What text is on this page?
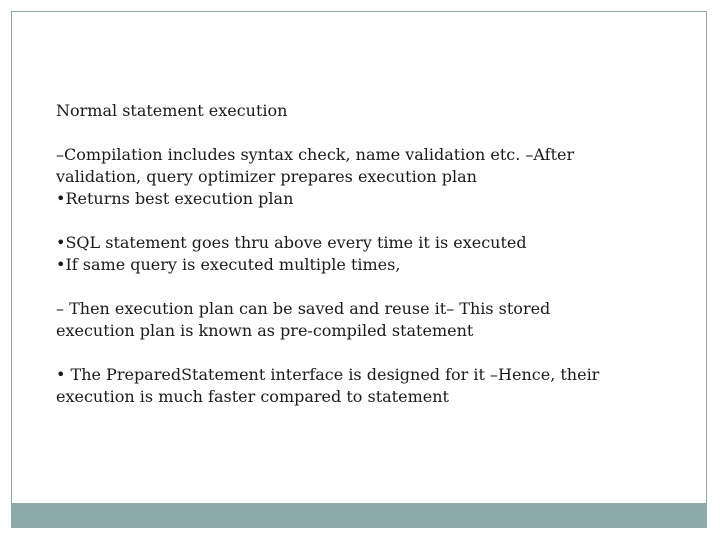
Normal statement execution

–Compilation includes syntax check, name validation etc. –After

validation, query optimizer prepares execution plan

•Returns best execution plan

•SQL statement goes thru above every time it is executed

•If same query is executed multiple times,

– Then execution plan can be saved and reuse it– This stored

execution plan is known as pre-compiled statement

• The PreparedStatement interface is designed for it –Hence, their

execution is much faster compared to statement
